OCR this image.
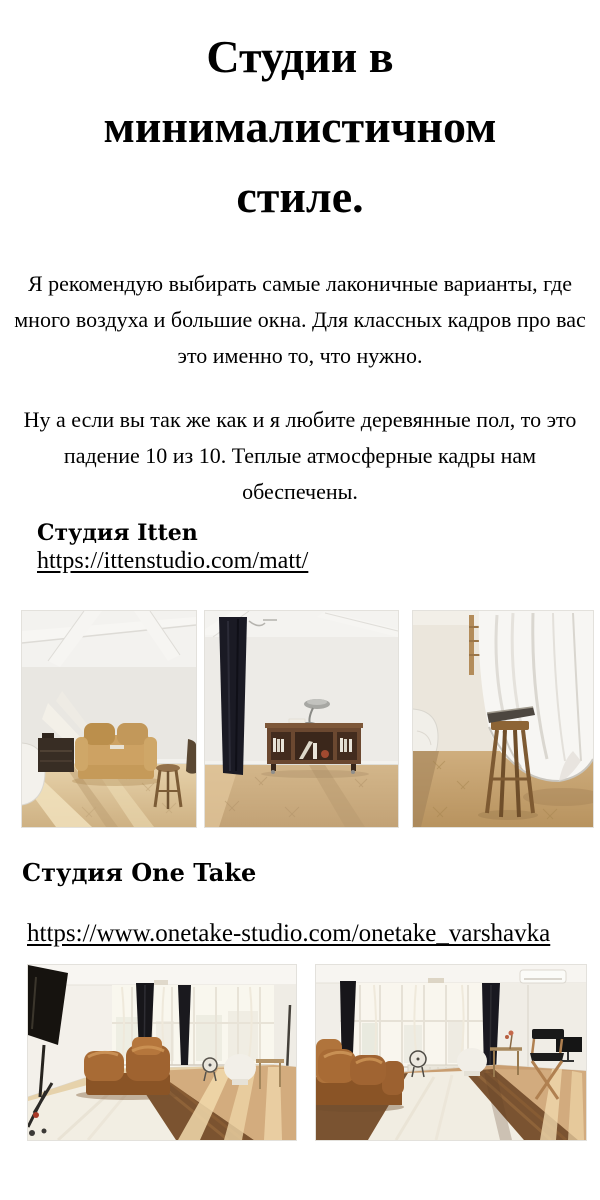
Студии в
минималистичном
стиле.

Я рекомендую выбирать самые лаконичные варианты, где много воздуха и большие окна. Для классных кадров про вас это именно то, что нужно.

Ну а если вы так же как и я любите деревянные пол, то это падение 10 из 10. Теплые атмосферные кадры нам обеспечены.

Студия Itten
https://ittenstudio.com/matt/
Студия One Take
https://www.onetake-studio.com/onetake_varshavka
